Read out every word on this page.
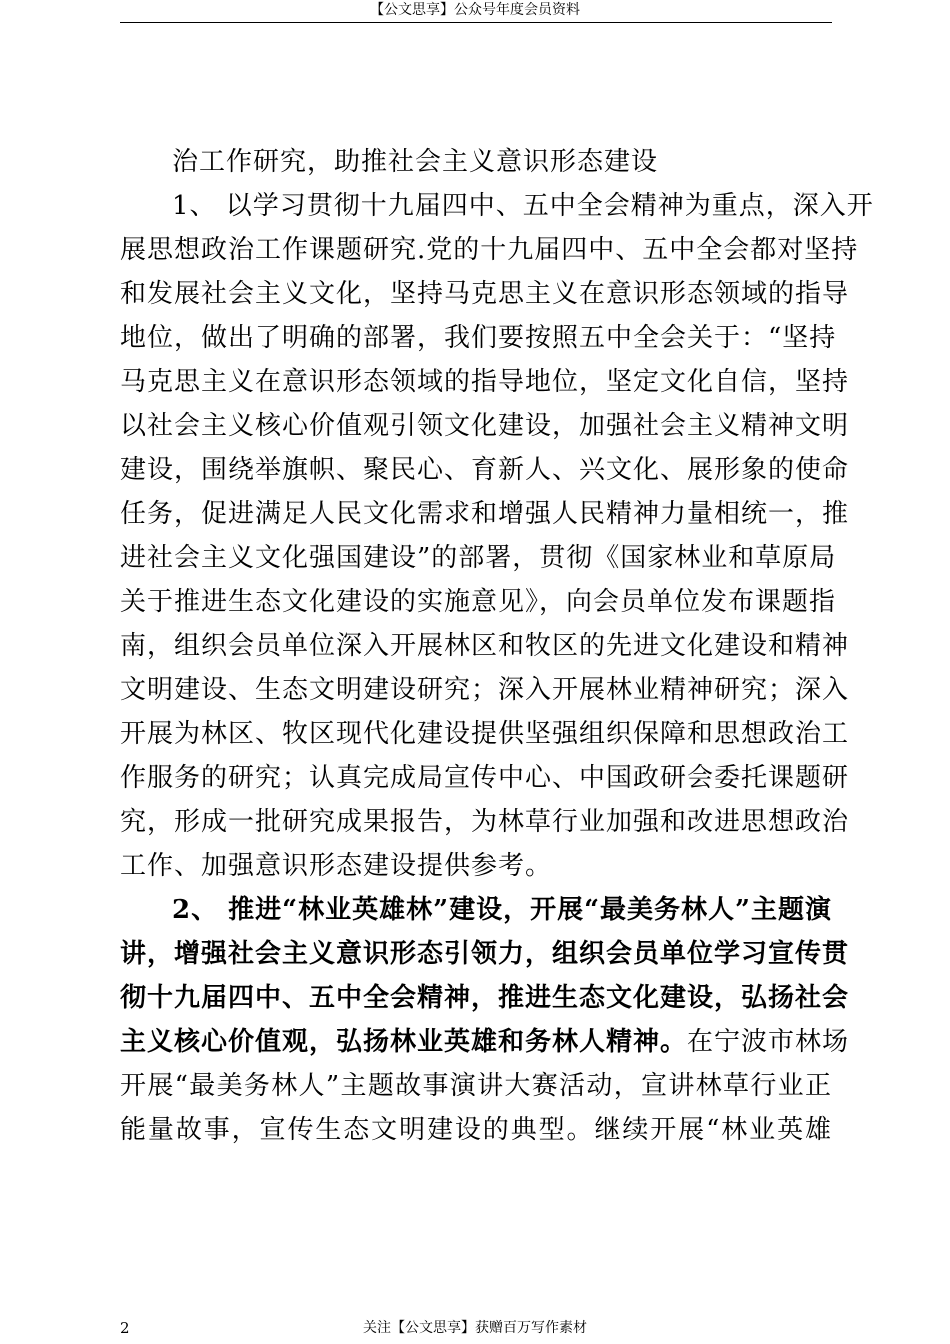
【公文思享】公众号年度会员资料
治工作研究，助推社会主义意识形态建设
1、 以学习贯彻十九届四中、五中全会精神为重点，深入开
展思想政治工作课题研究.党的十九届四中、五中全会都对坚持
和发展社会主义文化，坚持马克思主义在意识形态领域的指导
地位，做出了明确的部署，我们要按照五中全会关于：“坚持
马克思主义在意识形态领域的指导地位，坚定文化自信，坚持
以社会主义核心价值观引领文化建设，加强社会主义精神文明
建设，围绕举旗帜、聚民心、育新人、兴文化、展形象的使命
任务，促进满足人民文化需求和增强人民精神力量相统一，推
进社会主义文化强国建设”的部署，贯彻《国家林业和草原局
关于推进生态文化建设的实施意见》，向会员单位发布课题指
南，组织会员单位深入开展林区和牧区的先进文化建设和精神
文明建设、生态文明建设研究；深入开展林业精神研究；深入
开展为林区、牧区现代化建设提供坚强组织保障和思想政治工
作服务的研究；认真完成局宣传中心、中国政研会委托课题研
究，形成一批研究成果报告，为林草行业加强和改进思想政治
工作、加强意识形态建设提供参考。
2、 推进“林业英雄林”建设，开展“最美务林人”主题演
讲，增强社会主义意识形态引领力，组织会员单位学习宣传贯
彻十九届四中、五中全会精神，推进生态文化建设，弘扬社会
主义核心价值观，弘扬林业英雄和务林人精神。在宁波市林场
开展“最美务林人”主题故事演讲大赛活动，宣讲林草行业正
能量故事，宣传生态文明建设的典型。继续开展“林业英雄
2	关注【公文思享】获赠百万写作素材
